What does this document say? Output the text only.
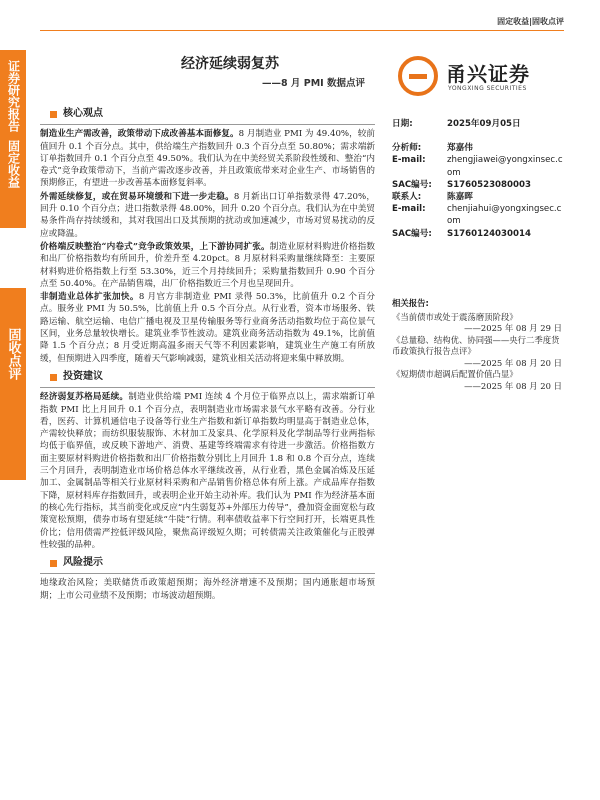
证券研究报告
固定收益
固收点评
固定收益|固收点评
经济延续弱复苏
——8 月 PMI 数据点评	甬兴证券
YONGXING SECURITIES
核心观点
制造业生产需改善，政策带动下成改善基本面修复。8 月制造业 PMI 为 49.40%，较前值回升 0.1 个百分点。其中，供给端生产指数回升 0.3 个百分点至 50.80%；需求端新订单指数回升 0.1 个百分点至 49.50%。我们认为在中美经贸关系阶段性缓和、整治“内卷式”竞争政策带动下，当前产需改逐步改善，并且政策底带来对企业生产、市场销售的预期修正，有望进一步改善基本面修复斜率。
外需延续修复，或在贸易环境缓和下进一步走稳。8 月新出口订单指数录得 47.20%，回升 0.10 个百分点；进口指数录得 48.00%，回升 0.20 个百分点。我们认为在中美贸易条件尚存持续缓和，其对我国出口及其预期的扰动或加速减少，市场对贸易扰动的反应或降温。
价格端反映整治“内卷式”竞争政策效果，上下游协同扩张。制造业原材料购进价格指数和出厂价格指数均有所回升，价差升至 4.20pct。8 月原材料采购量继续降至：主要原材料购进价格指数上行至 53.30%，近三个月持续回升；采购量指数回升 0.90 个百分点至 50.40%。在产品销售端，出厂价格指数近三个月也呈现回升。
非制造业总体扩张加快。8 月官方非制造业 PMI 录得 50.3%，比前值升 0.2 个百分点。服务业 PMI 为 50.5%，比前值上升 0.5 个百分点。从行业看，资本市场服务、铁路运输、航空运输、电信广播电视及卫星传输服务等行业商务活动指数均位于高位景气区间，业务总量较快增长。建筑业季节性波动。建筑业商务活动指数为 49.1%，比前值降 1.5 个百分点；8 月受近期高温多雨天气等不利因素影响，建筑业生产施工有所放缓，但预期进入四季度，随着天气影响减弱，建筑业相关活动将迎来集中释放期。
投资建议
经济弱复苏格局延续。制造业供给端 PMI 连续 4 个月位于临界点以上，需求端新订单指数 PMI 比上月回升 0.1 个百分点，表明制造业市场需求景气水平略有改善。分行业看，医药、计算机通信电子设备等行业生产指数和新订单指数均明显高于制造业总体，产需较快释放；而纺织服装服饰、木材加工及家具、化学原料及化学制品等行业两指标均低于临界值，或反映下游地产、消费、基建等终端需求有待进一步激活。价格指数方面主要原材料购进价格指数和出厂价格指数分别比上月回升 1.8 和 0.8 个百分点，连续三个月回升，表明制造业市场价格总体水平继续改善，从行业看，黑色金属冶炼及压延加工、金属制品等相关行业原材料采购和产品销售价格总体有所上涨。产成品库存指数下降，原材料库存指数回升，或表明企业开始主动补库。我们认为 PMI 作为经济基本面的核心先行指标，其当前变化或反应“内生弱复苏+外部压力传导”，叠加资金面宽松与政策宽松预期，债券市场有望延续“牛陡”行情。利率债收益率下行空间打开，长端更具性价比；信用债需严控低评级风险，聚焦高评级短久期；可转债需关注政策催化与正股弹性较强的品种。
风险提示
地缘政治风险；美联储货币政策超预期；海外经济增速不及预期；国内通胀超市场预期；上市公司业绩不及预期；市场波动超预期。
日期:	2025年09月05日
分析师:	郑嘉伟
E-mail:	zhengjiawei@yongxinsec.com
SAC编号:	S1760523080003
联系人:	陈嘉晖
E-mail:	chenjiahui@yongxingsec.com
SAC编号:	S1760124030014
相关报告:
《当前债市或处于震荡磨顶阶段》
——2025 年 08 月 29 日
《总量稳、结构优、协同强——央行二季度货币政策执行报告点评》
——2025 年 08 月 20 日
《短期债市超调后配置价值凸显》
——2025 年 08 月 20 日
